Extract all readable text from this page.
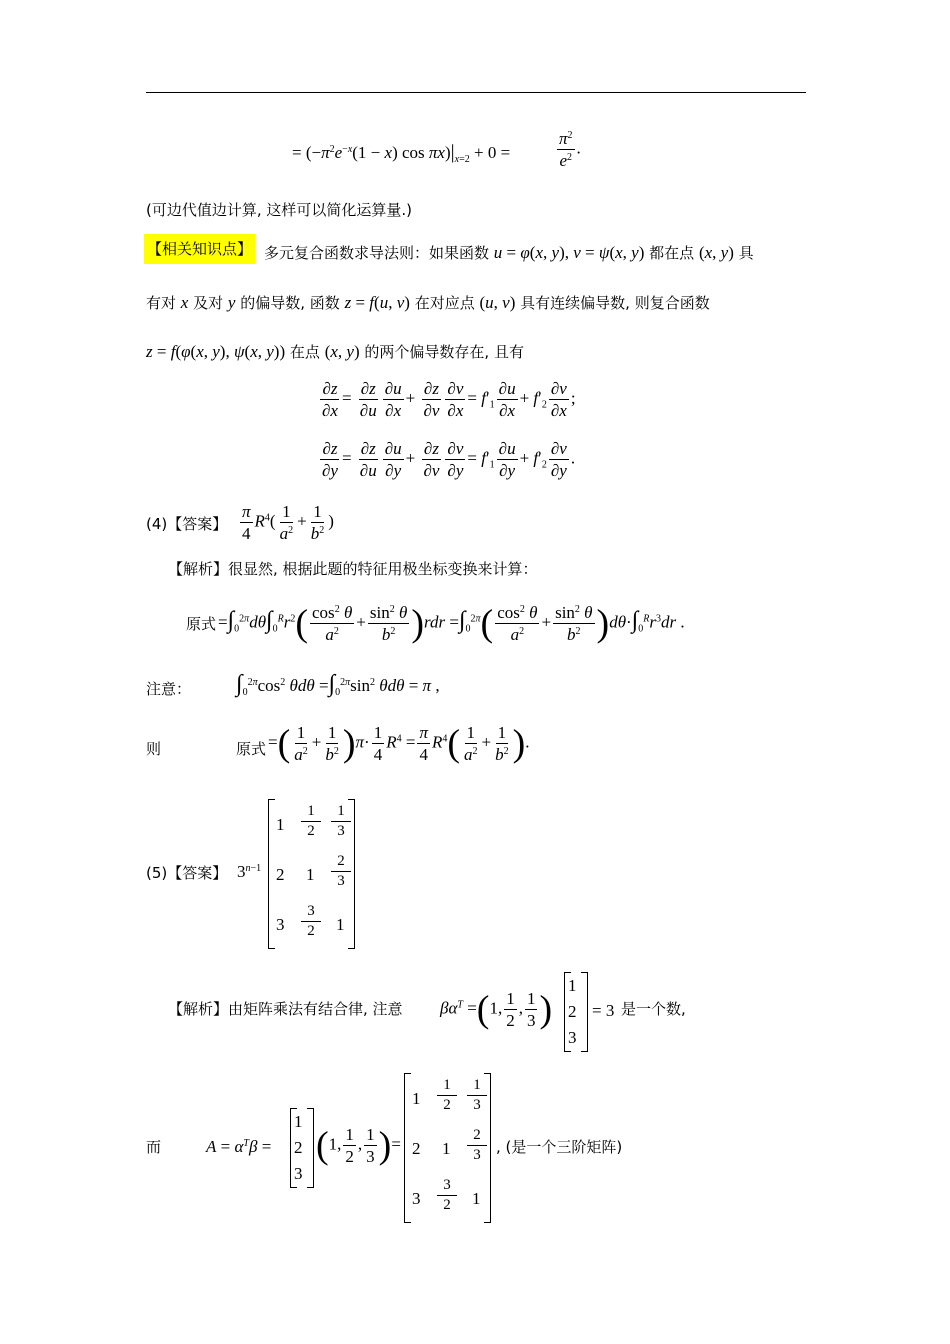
= ($-\pi^2e^{-x}(1 - x)$ $\cos \pi x)|_{x=2} + 0$ =	$\frac{\pi^2}{e^2}$ .
(可边代值边计算, 这样可以简化运算量.)
【相关知识点】 多元复合函数求导法则：如果函数 u = φ(x, y), v = ψ(x, y) 都在点 (x, y) 具
有对 x 及对 y 的偏导数, 函数 z = f(u, v) 在对应点 (u, v) 具有连续偏导数, 则复合函数
z = f(φ(x, y), ψ(x, y)) 在点 (x, y) 的两个偏导数存在, 且有
$\frac{\partial z}{\partial x} = \frac{\partial z}{\partial u} \frac{\partial u}{\partial x} + \frac{\partial z}{\partial v} \frac{\partial v}{\partial x} = f'_1 \frac{\partial u}{\partial x} + f'_2 \frac{\partial v}{\partial x}$ ;
$\frac{\partial z}{\partial y} = \frac{\partial z}{\partial u} \frac{\partial u}{\partial y} + \frac{\partial z}{\partial v} \frac{\partial v}{\partial y} = f'_1 \frac{\partial u}{\partial y} + f'_2 \frac{\partial v}{\partial y}$ .
(4)【答案】 $\frac{\pi}{4} R^4( \frac{1}{a^2} + \frac{1}{b^2}$ )
【解析】很显然, 根据此题的特征用极坐标变换来计算：
原式 $=\int_0^{2\pi}d\theta\int_0^Rr^2( \frac{\cos^2 \theta}{a^2} + \frac{\sin^2 \theta}{b^2} )rdr =\int_0^{2\pi}( \frac{\cos^2 \theta}{a^2} + \frac{\sin^2 \theta}{b^2} )d\theta\cdot\int_0^Rr^3dr$ .
注意： $\int_0^{2\pi}\cos^2$ $\theta d\theta =\int_0^{2\pi}\sin^2$ θdθ = π ,
则	原式 =( $\frac{1}{a^2} + \frac{1}{b^2} )\pi\cdot \frac{1}{4} R^4 = \frac{\pi}{4} R^4( \frac{1}{a^2} + \frac{1}{b^2}$ ).
(5)【答案】 $3^{n-1}$
$1 \frac{1}{2} \frac{1}{3}$
2 $1 \frac{2}{3}$
$3 \frac{3}{2} 1$
【解析】由矩阵乘法有结合律, 注意 $\beta\alpha^T =(1$, $\frac{1}{2}$ , $\frac{1}{3}$ )
1
2
3
= 3 是一个数,
而	$A = \alpha^T\beta$ =
1
2
3
(1, $\frac{1}{2}$ , $\frac{1}{3}$ )=
$1 \frac{1}{2} \frac{1}{3}$
2 $1 \frac{2}{3}$
$3 \frac{3}{2} 1$
, (是一个三阶矩阵)
